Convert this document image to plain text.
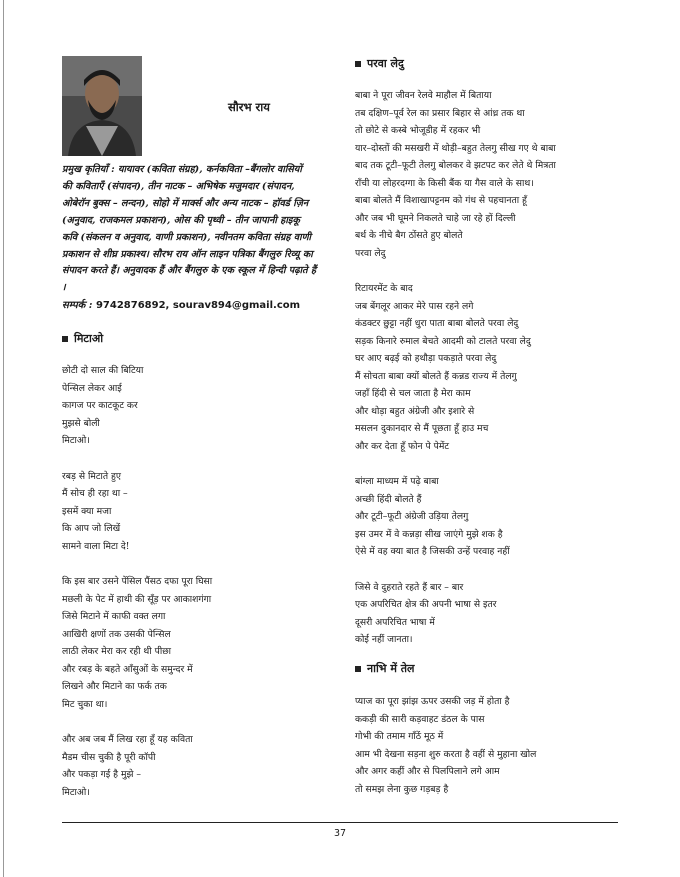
सौरभ राय
प्रमुख कृतियाँ : यायावर (कविता संग्रह), कर्नकविता –बैंगलोर वासियों
की कविताएँ (संपादन), तीन नाटक – अभिषेक मजुमदार (संपादन,
ओबेरॉन बुक्स – लन्दन), सोहो में मार्क्स और अन्य नाटक – हॉवर्ड ज़िन
(अनुवाद, राजकमल प्रकाशन), ओस की पृथ्वी – तीन जापानी हाइकू
कवि (संकलन व अनुवाद, वाणी प्रकाशन), नवीनतम कविता संग्रह वाणी
प्रकाशन से शीघ्र प्रकाश्य। सौरभ राय ऑन लाइन पत्रिका बैंगलुरु रिव्यू का
संपादन करते हैं। अनुवादक हैं और बैंगलुरु के एक स्कूल में हिन्दी पढ़ाते हैं
।
सम्पर्क : 9742876892, sourav894@gmail.com
मिटाओ
छोटी दो साल की बिटिया
पेन्सिल लेकर आई
कागज पर काटकूट कर
मुझसे बोली
मिटाओ।
रबड़ से मिटाते हुए
मैं सोच ही रहा था –
इसमें क्या मजा
कि आप जो लिखें
सामने वाला मिटा दे!
कि इस बार उसने पेंसिल पैंसठ दफा पूरा घिसा
मछली के पेट में हाथी की सूँड़ पर आकाशगंगा
जिसे मिटाने में काफी वक्त लगा
आखिरी क्षणों तक उसकी पेन्सिल
लाठी लेकर मेरा कर रही थी पीछा
और रबड़ के बहते आँसुओं के समुन्दर में
लिखने और मिटाने का फर्क तक
मिट चुका था।
और अब जब मैं लिख रहा हूँ यह कविता
मैडम चीस चुकी है पूरी कॉपी
और पकड़ा गई है मुझे –
मिटाओ।
परवा लेदु
बाबा ने पूरा जीवन रेलवे माहौल में बिताया
तब दक्षिण–पूर्व रेल का प्रसार बिहार से आंध्र तक था
तो छोटे से कस्बे भोजूडीह में रहकर भी
यार–दोस्तों की मसखरी में थोड़ी–बहुत तेलगु सीख गए थे बाबा
बाद तक टूटी–फूटी तेलगु बोलकर वे झटपट कर लेते थे मित्रता
राँची या लोहरदग्गा के किसी बैंक या गैस वाले के साथ।
बाबा बोलते मैं विशाखापट्टनम को गंध से पहचानता हूँ
और जब भी घूमने निकलते चाहे जा रहे हों दिल्ली
बर्थ के नीचे बैग ठोंसते हुए बोलते
परवा लेदु
रिटायरमेंट के बाद
जब बेंगलूर आकर मेरे पास रहने लगे
कंडक्टर छुट्टा नहीं धुरा पाता बाबा बोलते परवा लेदु
सड़क किनारे रुमाल बेचते आदमी को टालते परवा लेदु
घर आए बढ़ई को हथौड़ा पकड़ाते परवा लेदु
मैं सोचता बाबा क्यों बोलते हैं कन्नड राज्य में तेलगु
जहाँ हिंदी से चल जाता है मेरा काम
और थोड़ा बहुत अंग्रेजी और इशारे से
मसलन दुकानदार से मैं पूछता हूँ हाउ मच
और कर देता हूँ फोन पे पेमेंट
बांग्ला माध्यम में पढ़े बाबा
अच्छी हिंदी बोलते हैं
और टूटी–फूटी अंग्रेजी उड़िया तेलगु
इस उमर में वे कन्नड़ा सीख जाएंगे मुझे शक है
ऐसे में वह क्या बात है जिसकी उन्हें परवाह नहीं
जिसे वे दुहराते रहते हैं बार – बार
एक अपरिचित क्षेत्र की अपनी भाषा से इतर
दूसरी अपरिचित भाषा में
कोई नहीं जानता।
नाभि में तेल
प्याज का पूरा झांझ ऊपर उसकी जड़ में होता है
ककड़ी की सारी कड़वाहट डंठल के पास
गोभी की तमाम गाँठें मूठ में
आम भी देखना सड़ना शुरु करता है वहीं से मुहाना खोल
और अगर कहीं और से पिलपिलाने लगे आम
तो समझ लेना कुछ गड़बड़ है
37
